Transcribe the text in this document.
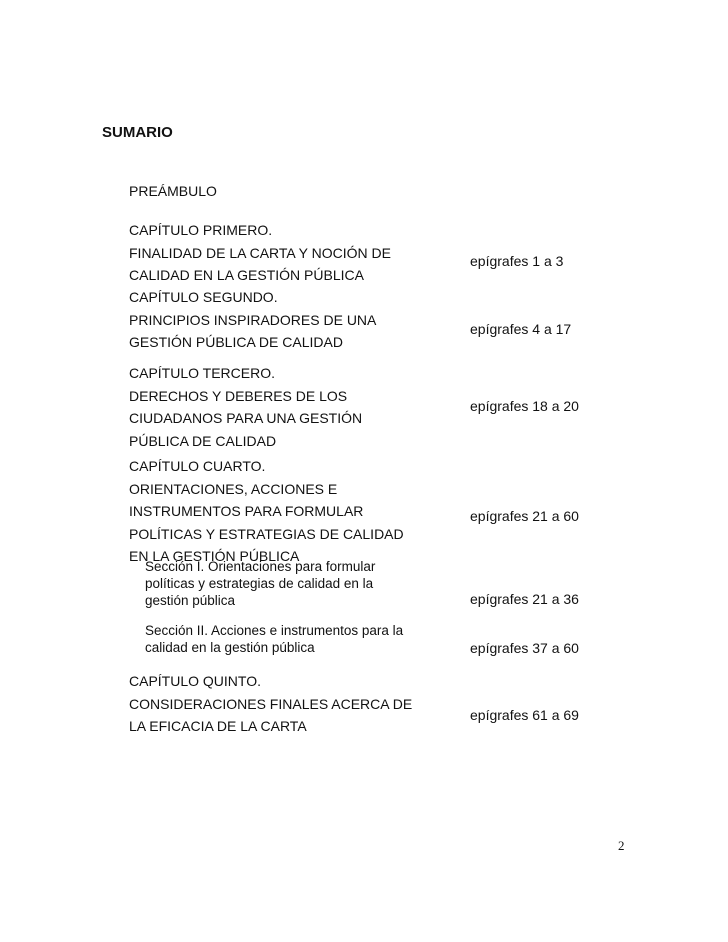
SUMARIO
PREÁMBULO
CAPÍTULO PRIMERO.
FINALIDAD DE LA CARTA Y NOCIÓN DE
CALIDAD EN LA GESTIÓN PÚBLICA
epígrafes 1 a 3
CAPÍTULO SEGUNDO.
PRINCIPIOS INSPIRADORES DE UNA
GESTIÓN PÚBLICA DE CALIDAD
epígrafes 4 a 17
CAPÍTULO TERCERO.
DERECHOS Y DEBERES DE LOS
CIUDADANOS PARA UNA GESTIÓN
PÚBLICA DE CALIDAD
epígrafes 18 a 20
CAPÍTULO CUARTO.
ORIENTACIONES, ACCIONES E
INSTRUMENTOS PARA FORMULAR
POLÍTICAS Y ESTRATEGIAS DE CALIDAD
EN LA GESTIÓN PÚBLICA
epígrafes 21 a 60
Sección I. Orientaciones para formular
políticas y estrategias de calidad en la
gestión pública	epígrafes 21 a 36
Sección II. Acciones e instrumentos para la
calidad en la gestión pública	epígrafes 37 a 60
CAPÍTULO QUINTO.
CONSIDERACIONES FINALES ACERCA DE
LA EFICACIA DE LA CARTA
epígrafes 61 a 69
2
